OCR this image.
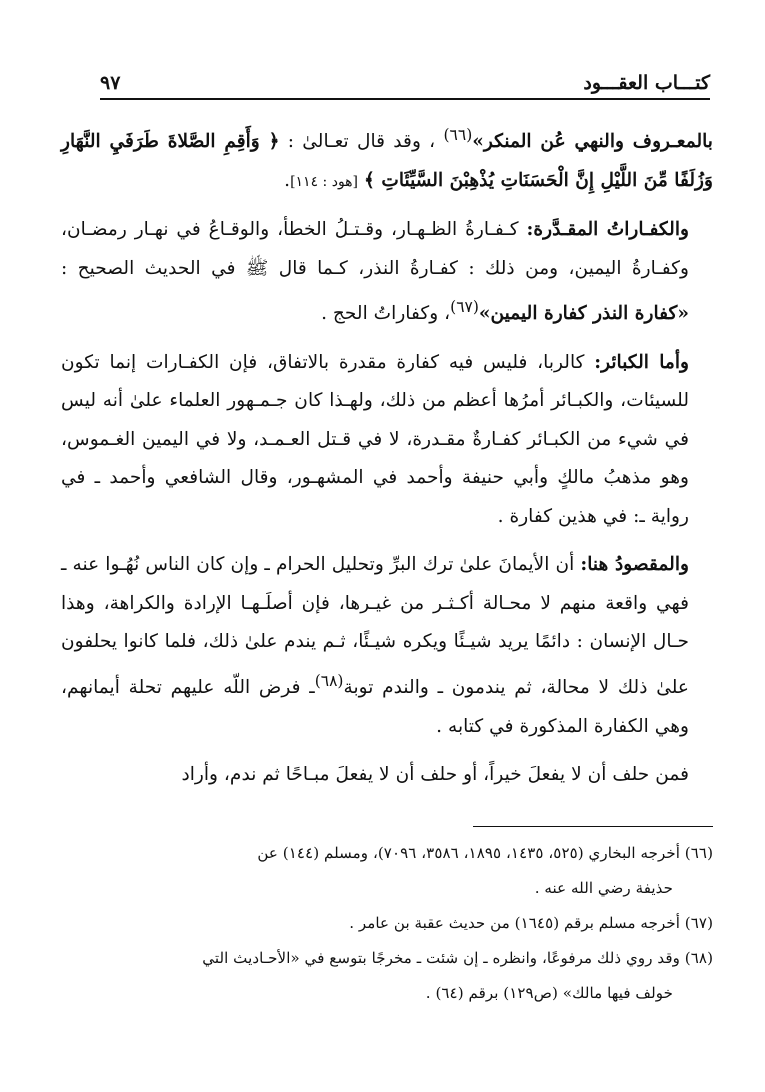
كتـــاب العقـــود
٩٧

بالمعـروف والنهي عُن المنكر»$^{(٦٦)}$ ، وقد قال تعـالىٰ : ﴿ وَأَقِمِ الصَّلاةَ طَرَفَيِ النَّهَارِ وَزُلَفًا مِّنَ اللَّيْلِ إِنَّ الْحَسَنَاتِ يُذْهِبْنَ السَّيِّئَاتِ ﴾ [هود : ١١٤].

والكفـاراتُ المقـدَّرة: كـفـارةُ الظـهـار، وقـتـلُ الخطأ، والوقـاعُ في نهـار رمضـان، وكفـارةُ اليمين، ومن ذلك : كفـارةُ النذر، كـما قال ﷺ في الحديث الصحيح : «كفارة النذر كفارة اليمين»$^{(٦٧)}$، وكفاراتُ الحج .

وأما الكبائر: كالربا، فليس فيه كفارة مقدرة بالاتفاق، فإن الكفـارات إنما تكون للسيئات، والكبـائر أمرُها أعظم من ذلك، ولهـذا كان جـمـهور العلماء علىٰ أنه ليس في شيء من الكبـائر كفـارةٌ مقـدرة، لا في قـتل العـمـد، ولا في اليمين الغـموس، وهو مذهبُ مالكٍ وأبي حنيفة وأحمد في المشهـور، وقال الشافعي وأحمد ـ في رواية ـ: في هذين كفارة .

والمقصودُ هنا: أن الأيمانَ علىٰ ترك البرِّ وتحليل الحرام ـ وإن كان الناس نُهُـوا عنه ـ فهي واقعة منهم لا محـالة أكـثـر من غيـرها، فإن أصلَـهـا الإرادة والكراهة، وهذا حـال الإنسان : دائمًا يريد شيـئًا ويكره شيـئًا، ثـم يندم علىٰ ذلك، فلما كانوا يحلفون علىٰ ذلك لا محالة، ثم يندمون ـ والندم توبة$^{(٦٨)}$ـ فرض اللّه عليهم تحلة أيمانهم، وهي الكفارة المذكورة في كتابه .

فمن حلف أن لا يفعلَ خيراً، أو حلف أن لا يفعلَ مبـاحًا ثم ندم، وأراد

(٦٦) أخرجه البخاري (٥٢٥، ١٤٣٥، ١٨٩٥، ٣٥٨٦، ٧٠٩٦)، ومسلم (١٤٤) عن

حذيفة رضي الله عنه .

(٦٧) أخرجه مسلم برقم (١٦٤٥) من حديث عقبة بن عامر .

(٦٨) وقد روي ذلك مرفوعًا، وانظره ـ إن شئت ـ مخرجًا بتوسع في «الأحـاديث التي

خولف فيها مالك» (ص١٢٩) برقم (٦٤) .
